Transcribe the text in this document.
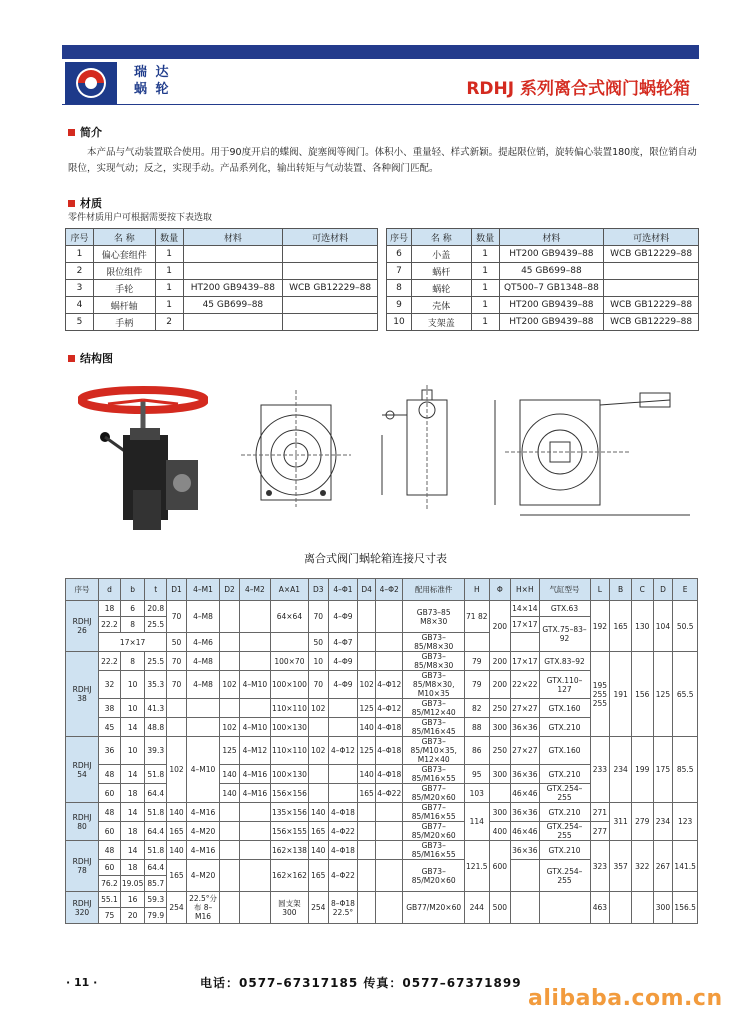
瑞 达
蜗 轮	RDHJ 系列离合式阀门蜗轮箱
简介
本产品与气动装置联合使用。用于90度开启的蝶阀、旋塞阀等阀门。体积小、重量轻、样式新颖。提起限位销，旋转偏心装置180度，限位销自动限位，实现气动；反之，实现手动。产品系列化，输出转矩与气动装置、各种阀门匹配。
材质
零件材质用户可根据需要按下表选取
序号	名 称	数量	材料	可选材料
1	偏心套组件	1		
2	限位组件	1		
3	手轮	1	HT200 GB9439–88	WCB GB12229–88
4	蜗杆轴	1	45 GB699–88	
5	手柄	2		
序号	名 称	数量	材料	可选材料
6	小盖	1	HT200 GB9439–88	WCB GB12229–88
7	蜗杆	1	45 GB699–88	
8	蜗轮	1	QT500–7 GB1348–88	
9	壳体	1	HT200 GB9439–88	WCB GB12229–88
10	支架盖	1	HT200 GB9439–88	WCB GB12229–88
结构图
离合式阀门蜗轮箱连接尺寸表
序号	d	b	t	D1	4–M1	D2	4–M2	A×A1	D3	4–Φ1	D4	4–Φ2	配用标准件	H	Φ	H×H	气缸型号	L	B	C	D	E
RDHJ 26	18	6	20.8	70	4–M8			64×64	70	4–Φ9			GB73–85 M8×30	71 82	200	14×14	GTX.63	192	165	130	104	50.5
	22.2	8	25.5													17×17	GTX.75–83–92					
	17×17			50	4–M6				50	4–Φ7			GB73–85/M8×30									
RDHJ 38	22.2	8	25.5	70	4–M8			100×70	10	4–Φ9			GB73–85/M8×30	79	200	17×17	GTX.83–92	195 255 255	191	156	125	65.5
	32	10	35.3	70	4–M8	102	4–M10	100×100	70	4–Φ9	102	4–Φ12	GB73–85/M8×30, M10×35	79	200	22×22	GTX.110–127					
	38	10	41.3					110×110	102		125	4–Φ12	GB73–85/M12×40	82	250	27×27	GTX.160					
	45	14	48.8			102	4–M10	100×130			140	4–Φ18	GB73–85/M16×45	88	300	36×36	GTX.210					
RDHJ 54	36	10	39.3	102	4–M10	125	4–M12	110×110	102	4–Φ12	125	4–Φ18	GB73–85/M10×35, M12×40	86	250	27×27	GTX.160	233	234	199	175	85.5
	48	14	51.8			140	4–M16	100×130			140	4–Φ18	GB73–85/M16×55	95	300	36×36	GTX.210					
	60	18	64.4			140	4–M16	156×156			165	4–Φ22	GB77–85/M20×60	103		46×46	GTX.254–255					
RDHJ 80	48	14	51.8	140	4–M16			135×156	140	4–Φ18			GB77–85/M16×55	114	300	36×36	GTX.210	271	311	279	234	123
	60	18	64.4	165	4–M20			156×155	165	4–Φ22			GB77–85/M20×60		400	46×46	GTX.254–255	277				
RDHJ 78	48	14	51.8	140	4–M16			162×138	140	4–Φ18			GB73–85/M16×55	121.5	600	36×36	GTX.210	323	357	322	267	141.5
	60	18	64.4	165	4–M20			162×162	165	4–Φ22			GB73–85/M20×60				GTX.254–255					
	76.2	19.05	85.7																			
RDHJ 320	55.1	16	59.3	254	22.5°分布 8–M16			圆支架 300	254	8–Φ18 22.5°			GB77/M20×60	244	500			463			300	156.5
	75	20	79.9																			
· 11 ·	电话：0577–67317185 传真：0577–67371899
alibaba.com.cn
